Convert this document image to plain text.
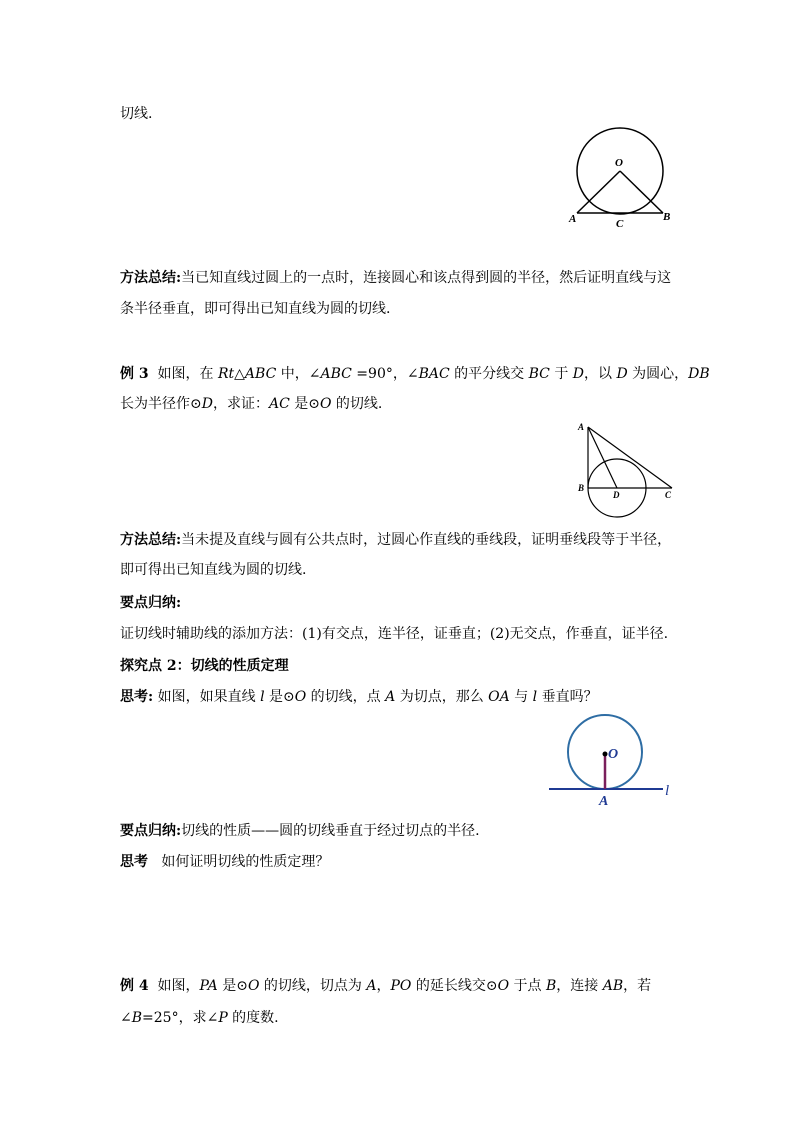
切线.
O
A	C
B
方法总结:当已知直线过圆上的一点时，连接圆心和该点得到圆的半径，然后证明直线与这
条半径垂直，即可得出已知直线为圆的切线.
例 3 如图，在 Rt△ABC 中，∠ABC =90°，∠BAC 的平分线交 BC 于 D，以 D 为圆心，DB
长为半径作⊙D，求证：AC 是⊙O 的切线.
A
B
D	C
方法总结:当未提及直线与圆有公共点时，过圆心作直线的垂线段，证明垂线段等于半径，
即可得出已知直线为圆的切线.
要点归纳:
证切线时辅助线的添加方法：(1)有交点，连半径，证垂直；(2)无交点，作垂直，证半径.
探究点 2：切线的性质定理
思考: 如图，如果直线 l 是⊙O 的切线，点 A 为切点，那么 OA 与 l 垂直吗？
O
A
l
要点归纳:切线的性质——圆的切线垂直于经过切点的半径.
思考 如何证明切线的性质定理？
例 4 如图，PA 是⊙O 的切线，切点为 A，PO 的延长线交⊙O 于点 B，连接 AB，若
∠B=25°，求∠P 的度数.
